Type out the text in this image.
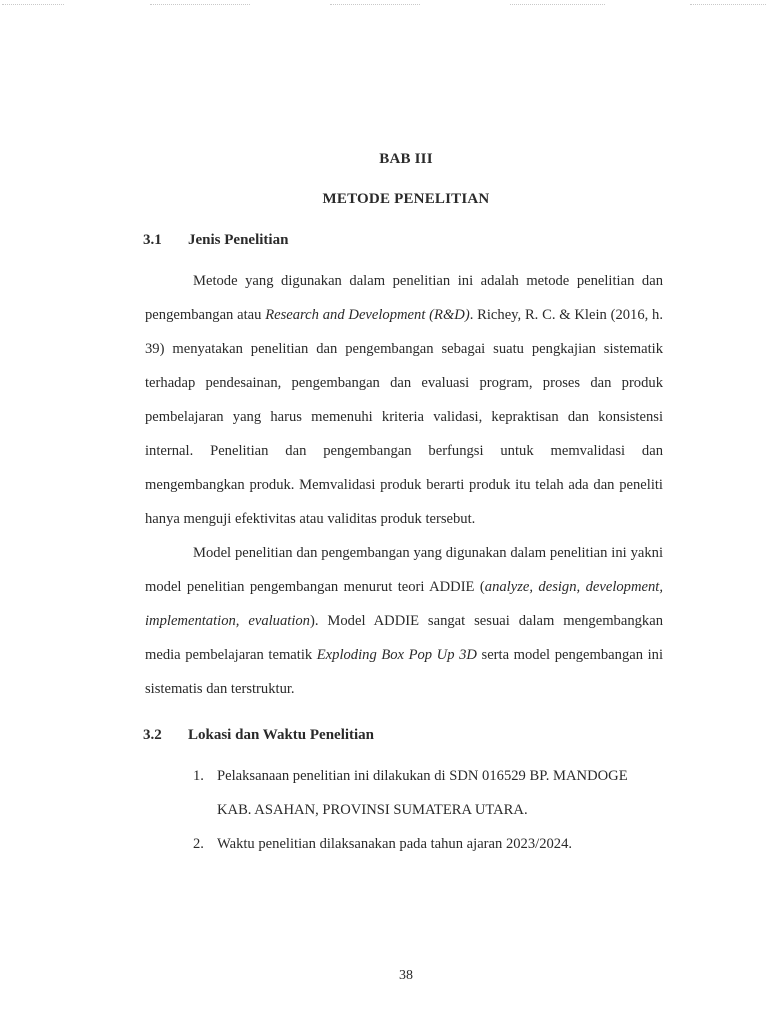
BAB III
METODE PENELITIAN
3.1 Jenis Penelitian

Metode yang digunakan dalam penelitian ini adalah metode penelitian dan pengembangan atau Research and Development (R&D). Richey, R. C. & Klein (2016, h. 39) menyatakan penelitian dan pengembangan sebagai suatu pengkajian sistematik terhadap pendesainan, pengembangan dan evaluasi program, proses dan produk pembelajaran yang harus memenuhi kriteria validasi, kepraktisan dan konsistensi internal. Penelitian dan pengembangan berfungsi untuk memvalidasi dan mengembangkan produk. Memvalidasi produk berarti produk itu telah ada dan peneliti hanya menguji efektivitas atau validitas produk tersebut.

Model penelitian dan pengembangan yang digunakan dalam penelitian ini yakni model penelitian pengembangan menurut teori ADDIE (analyze, design, development, implementation, evaluation). Model ADDIE sangat sesuai dalam mengembangkan media pembelajaran tematik Exploding Box Pop Up 3D serta model pengembangan ini sistematis dan terstruktur.

3.2 Lokasi dan Waktu Penelitian
1. Pelaksanaan penelitian ini dilakukan di SDN 016529 BP. MANDOGE KAB. ASAHAN, PROVINSI SUMATERA UTARA.
2. Waktu penelitian dilaksanakan pada tahun ajaran 2023/2024.
38
